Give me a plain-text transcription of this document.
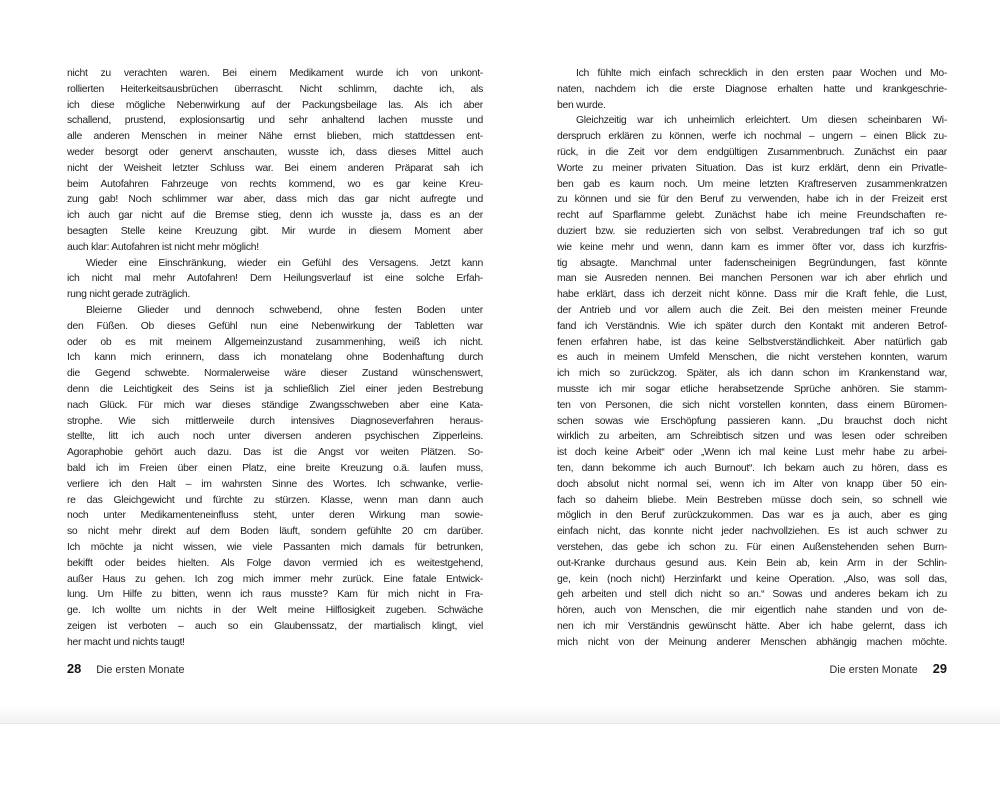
nicht zu verachten waren. Bei einem Medikament wurde ich von unkont-
rollierten Heiterkeitsausbrüchen überrascht. Nicht schlimm, dachte ich, als
ich diese mögliche Nebenwirkung auf der Packungsbeilage las. Als ich aber
schallend, prustend, explosionsartig und sehr anhaltend lachen musste und
alle anderen Menschen in meiner Nähe ernst blieben, mich stattdessen ent-
weder besorgt oder genervt anschauten, wusste ich, dass dieses Mittel auch
nicht der Weisheit letzter Schluss war. Bei einem anderen Präparat sah ich
beim Autofahren Fahrzeuge von rechts kommend, wo es gar keine Kreu-
zung gab! Noch schlimmer war aber, dass mich das gar nicht aufregte und
ich auch gar nicht auf die Bremse stieg, denn ich wusste ja, dass es an der
besagten Stelle keine Kreuzung gibt. Mir wurde in diesem Moment aber
auch klar: Autofahren ist nicht mehr möglich!
Wieder eine Einschränkung, wieder ein Gefühl des Versagens. Jetzt kann
ich nicht mal mehr Autofahren! Dem Heilungsverlauf ist eine solche Erfah-
rung nicht gerade zuträglich.
Bleierne Glieder und dennoch schwebend, ohne festen Boden unter
den Füßen. Ob dieses Gefühl nun eine Nebenwirkung der Tabletten war
oder ob es mit meinem Allgemeinzustand zusammenhing, weiß ich nicht.
Ich kann mich erinnern, dass ich monatelang ohne Bodenhaftung durch
die Gegend schwebte. Normalerweise wäre dieser Zustand wünschenswert,
denn die Leichtigkeit des Seins ist ja schließlich Ziel einer jeden Bestrebung
nach Glück. Für mich war dieses ständige Zwangsschweben aber eine Kata-
strophe. Wie sich mittlerweile durch intensives Diagnoseverfahren heraus-
stellte, litt ich auch noch unter diversen anderen psychischen Zipperleins.
Agoraphobie gehört auch dazu. Das ist die Angst vor weiten Plätzen. So-
bald ich im Freien über einen Platz, eine breite Kreuzung o.ä. laufen muss,
verliere ich den Halt – im wahrsten Sinne des Wortes. Ich schwanke, verlie-
re das Gleichgewicht und fürchte zu stürzen. Klasse, wenn man dann auch
noch unter Medikamenteneinfluss steht, unter deren Wirkung man sowie-
so nicht mehr direkt auf dem Boden läuft, sondern gefühlte 20 cm darüber.
Ich möchte ja nicht wissen, wie viele Passanten mich damals für betrunken,
bekifft oder beides hielten. Als Folge davon vermied ich es weitestgehend,
außer Haus zu gehen. Ich zog mich immer mehr zurück. Eine fatale Entwick-
lung. Um Hilfe zu bitten, wenn ich raus musste? Kam für mich nicht in Fra-
ge. Ich wollte um nichts in der Welt meine Hilflosigkeit zugeben. Schwäche
zeigen ist verboten – auch so ein Glaubenssatz, der martialisch klingt, viel
her macht und nichts taugt!
Ich fühlte mich einfach schrecklich in den ersten paar Wochen und Mo-
naten, nachdem ich die erste Diagnose erhalten hatte und krankgeschrie-
ben wurde.
Gleichzeitig war ich unheimlich erleichtert. Um diesen scheinbaren Wi-
derspruch erklären zu können, werfe ich nochmal – ungern – einen Blick zu-
rück, in die Zeit vor dem endgültigen Zusammenbruch. Zunächst ein paar
Worte zu meiner privaten Situation. Das ist kurz erklärt, denn ein Privatle-
ben gab es kaum noch. Um meine letzten Kraftreserven zusammenkratzen
zu können und sie für den Beruf zu verwenden, habe ich in der Freizeit erst
recht auf Sparflamme gelebt. Zunächst habe ich meine Freundschaften re-
duziert bzw. sie reduzierten sich von selbst. Verabredungen traf ich so gut
wie keine mehr und wenn, dann kam es immer öfter vor, dass ich kurzfris-
tig absagte. Manchmal unter fadenscheinigen Begründungen, fast könnte
man sie Ausreden nennen. Bei manchen Personen war ich aber ehrlich und
habe erklärt, dass ich derzeit nicht könne. Dass mir die Kraft fehle, die Lust,
der Antrieb und vor allem auch die Zeit. Bei den meisten meiner Freunde
fand ich Verständnis. Wie ich später durch den Kontakt mit anderen Betrof-
fenen erfahren habe, ist das keine Selbstverständlichkeit. Aber natürlich gab
es auch in meinem Umfeld Menschen, die nicht verstehen konnten, warum
ich mich so zurückzog. Später, als ich dann schon im Krankenstand war,
musste ich mir sogar etliche herabsetzende Sprüche anhören. Sie stamm-
ten von Personen, die sich nicht vorstellen konnten, dass einem Büromen-
schen sowas wie Erschöpfung passieren kann. „Du brauchst doch nicht
wirklich zu arbeiten, am Schreibtisch sitzen und was lesen oder schreiben
ist doch keine Arbeit“ oder „Wenn ich mal keine Lust mehr habe zu arbei-
ten, dann bekomme ich auch Burnout“. Ich bekam auch zu hören, dass es
doch absolut nicht normal sei, wenn ich im Alter von knapp über 50 ein-
fach so daheim bliebe. Mein Bestreben müsse doch sein, so schnell wie
möglich in den Beruf zurückzukommen. Das war es ja auch, aber es ging
einfach nicht, das konnte nicht jeder nachvollziehen. Es ist auch schwer zu
verstehen, das gebe ich schon zu. Für einen Außenstehenden sehen Burn-
out-Kranke durchaus gesund aus. Kein Bein ab, kein Arm in der Schlin-
ge, kein (noch nicht) Herzinfarkt und keine Operation. „Also, was soll das,
geh arbeiten und stell dich nicht so an.“ Sowas und anderes bekam ich zu
hören, auch von Menschen, die mir eigentlich nahe standen und von de-
nen ich mir Verständnis gewünscht hätte. Aber ich habe gelernt, dass ich
mich nicht von der Meinung anderer Menschen abhängig machen möchte.
28 Die ersten Monate	Die ersten Monate 29
